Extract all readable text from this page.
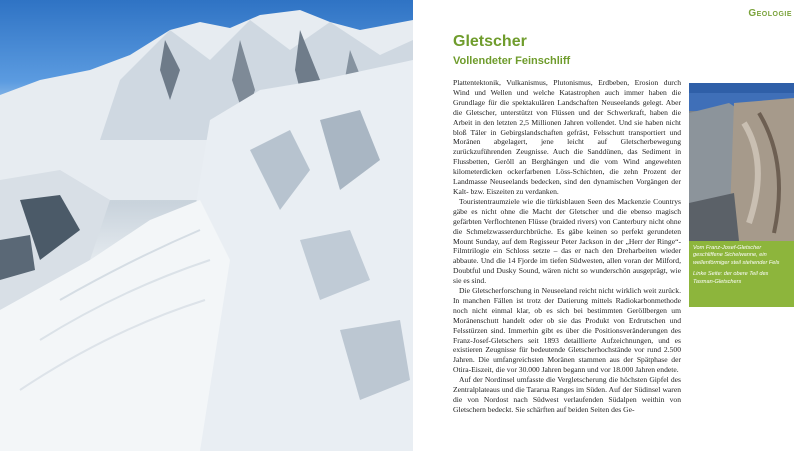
Geologie
Gletscher
Vollendeter Feinschliff

Plattentektonik, Vulkanismus, Plutonismus, Erdbeben, Erosion durch Wind und Wellen und welche Katastrophen auch immer haben die Grundlage für die spektakulären Landschaften Neuseelands gelegt. Aber die Gletscher, unterstützt von Flüssen und der Schwerkraft, haben die Arbeit in den letzten 2,5 Millionen Jahren vollendet. Und sie haben nicht bloß Täler in Gebirgslandschaften gefräst, Felsschutt transportiert und Moränen abgelagert, jene leicht auf Gletscherbewegung zurückzuführenden Zeugnisse. Auch die Sanddünen, das Sediment in Flussbetten, Geröll an Berghängen und die vom Wind angewehten kilometerdicken ockerfarbenen Löss-Schichten, die zehn Prozent der Landmasse Neuseelands bedecken, sind den dynamischen Vorgängen der Kalt- bzw. Eiszeiten zu verdanken.

Touristentraumziele wie die türkisblauen Seen des Mackenzie Countrys gäbe es nicht ohne die Macht der Gletscher und die ebenso magisch gefärbten Verflochtenen Flüsse (braided rivers) von Canterbury nicht ohne die Schmelzwasserdurchbrüche. Es gäbe keinen so perfekt gerundeten Mount Sunday, auf dem Regisseur Peter Jackson in der „Herr der Ringe“-Filmtrilogie ein Schloss setzte – das er nach den Dreharbeiten wieder abbaute. Und die 14 Fjorde im tiefen Südwesten, allen voran der Milford, Doubtful und Dusky Sound, wären nicht so wunderschön ausgeprägt, wie sie es sind.

Die Gletscherforschung in Neuseeland reicht nicht wirklich weit zurück. In manchen Fällen ist trotz der Datierung mittels Radiokarbonmethode noch nicht einmal klar, ob es sich bei bestimmten Geröllbergen um Moränenschutt handelt oder ob sie das Produkt von Erdrutschen und Felsstürzen sind. Immerhin gibt es über die Positionsveränderungen des Franz-Josef-Gletschers seit 1893 detaillierte Aufzeichnungen, und es existieren Zeugnisse für bedeutende Gletscherhochstände vor rund 2.500 Jahren. Die umfangreichsten Moränen stammen aus der Spätphase der Otira-Eiszeit, die vor 30.000 Jahren begann und vor 18.000 Jahren endete.

Auf der Nordinsel umfasste die Vergletscherung die höchsten Gipfel des Zentralplateaus und die Tararua Ranges im Süden. Auf der Südinsel waren die von Nordost nach Südwest verlaufenden Südalpen weithin von Gletschern bedeckt. Sie schärften auf beiden Seiten des Ge-

Vom Franz-Josef-Gletscher geschliffene Sichelwanne, ein wellenförmiger steil stehender Fels

Linke Seite: der obere Teil des Tasman-Gletschers
